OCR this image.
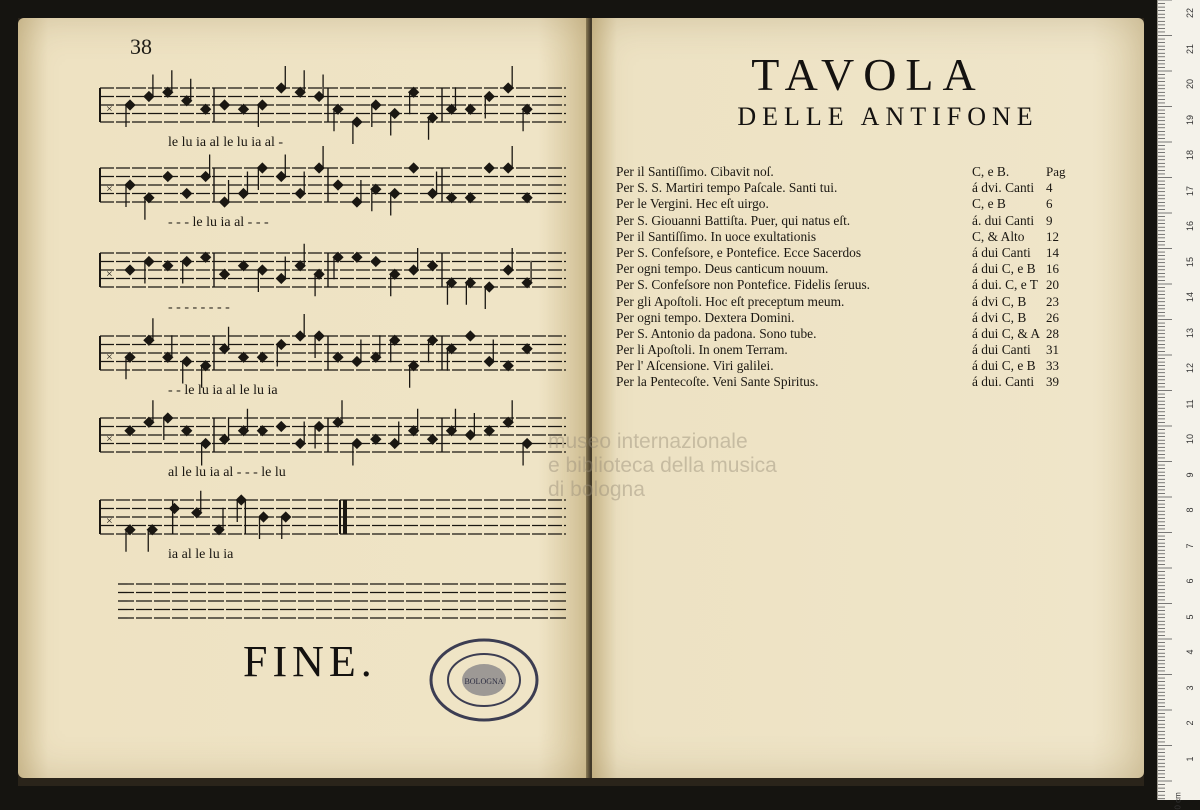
38
×
le lu ia al le lu ia al -
×
- - - le lu ia al - - -
×
- - - - - - - -
×
- - le lu ia al le lu ia
×
al le lu ia al - - - le lu
×
ia al le lu ia
FINE.	BOLOGNA
TAVOLA
DELLE ANTIFONE
Per il Santiſſimo. Cibavit noſ.	C, e B.	Pag
Per S. S. Martiri tempo Paſcale. Santi tui.	á dvi. Canti 4
Per le Vergini. Hec eſt uirgo.	C, e B	6
Per S. Giouanni Battiſta. Puer, qui natus eſt.	á. dui Canti 9
Per il Santiſſimo. In uoce exultationis	C, & Alto 12
Per S. Confeſsore, e Pontefice. Ecce Sacerdos	á dui Canti 14
Per ogni tempo. Deus canticum nouum.	á dui C, e B 16
Per S. Confeſsore non Pontefice. Fidelis ſeruus.	á dui. C, e T 20
Per gli Apoſtoli. Hoc eſt preceptum meum.	á dvi C, B 23
Per ogni tempo. Dextera Domini.	á dvi C, B 26
Per S. Antonio da padona. Sono tube.	á dui C, & A 28
Per li Apoſtoli. In onem Terram.	á dui Canti 31
Per l' Aſcensione. Viri galilei.	á dui C, e B 33
Per la Pentecoſte. Veni Sante Spiritus.	á dui. Canti 39
museo internazionale
e biblioteca della musica
di bologna
0 cm
22
21
20
19
18
17
16
15
14
13
12
11
10
9
8
7
6
5
4
3
2
1
